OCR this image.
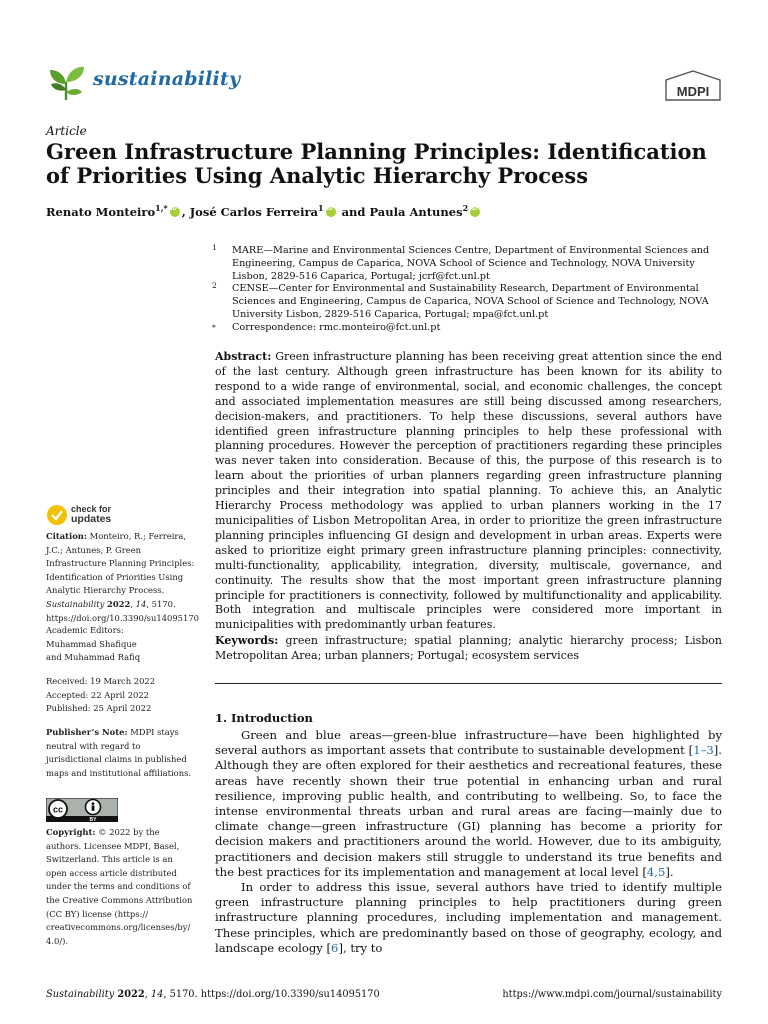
sustainability
MDPI
Article
Green Infrastructure Planning Principles: Identification of Priorities Using Analytic Hierarchy Process
Renato Monteiro$^{1,*}$ iD , José Carlos Ferreira$^1$ iD and Paula Antunes$^2$iD
1 MARE—Marine and Environmental Sciences Centre, Department of Environmental Sciences and Engineering, Campus de Caparica, NOVA School of Science and Technology, NOVA University Lisbon, 2829-516 Caparica, Portugal; jcrf@fct.unl.pt
2 CENSE—Center for Environmental and Sustainability Research, Department of Environmental Sciences and Engineering, Campus de Caparica, NOVA School of Science and Technology, NOVA University Lisbon, 2829-516 Caparica, Portugal; mpa@fct.unl.pt
* Correspondence: rmc.monteiro@fct.unl.pt
Abstract: Green infrastructure planning has been receiving great attention since the end of the last century. Although green infrastructure has been known for its ability to respond to a wide range of environmental, social, and economic challenges, the concept and associated implementation measures are still being discussed among researchers, decision-makers, and practitioners. To help these discussions, several authors have identified green infrastructure planning principles to help these professional with planning procedures. However the perception of practitioners regarding these principles was never taken into consideration. Because of this, the purpose of this research is to learn about the priorities of urban planners regarding green infrastructure planning principles and their integration into spatial planning. To achieve this, an Analytic Hierarchy Process methodology was applied to urban planners working in the 17 municipalities of Lisbon Metropolitan Area, in order to prioritize the green infrastructure planning principles influencing GI design and development in urban areas. Experts were asked to prioritize eight primary green infrastructure planning principles: connectivity, multi-functionality, applicability, integration, diversity, multiscale, governance, and continuity. The results show that the most important green infrastructure planning principle for practitioners is connectivity, followed by multifunctionality and applicability. Both integration and multiscale principles were considered more important in municipalities with predominantly urban features.
Keywords: green infrastructure; spatial planning; analytic hierarchy process; Lisbon Metropolitan Area; urban planners; Portugal; ecosystem services
1. Introduction

Green and blue areas—green-blue infrastructure—have been highlighted by several authors as important assets that contribute to sustainable development [1–3]. Although they are often explored for their aesthetics and recreational features, these areas have recently shown their true potential in enhancing urban and rural resilience, improving public health, and contributing to wellbeing. So, to face the intense environmental threats urban and rural areas are facing—mainly due to climate change—green infrastructure (GI) planning has become a priority for decision makers and practitioners around the world. However, due to its ambiguity, practitioners and decision makers still struggle to understand its true benefits and the best practices for its implementation and management at local level [4,5].

In order to address this issue, several authors have tried to identify multiple green infrastructure planning principles to help practitioners during green infrastructure planning procedures, including implementation and management. These principles, which are predominantly based on those of geography, ecology, and landscape ecology [6], try to

check for
updates
Citation: Monteiro, R.; Ferreira, J.C.; Antunes, P. Green Infrastructure Planning Principles: Identification of Priorities Using Analytic Hierarchy Process. Sustainability 2022, 14, 5170. https://doi.org/10.3390/su14095170
Academic Editors:
Muhammad Shafique
and Muhammad Rafiq
Received: 19 March 2022
Accepted: 22 April 2022
Published: 25 April 2022
Publisher’s Note: MDPI stays neutral with regard to jurisdictional claims in published maps and institutional affiliations.
cc
BY
Copyright: © 2022 by the authors. Licensee MDPI, Basel, Switzerland. This article is an open access article distributed under the terms and conditions of the Creative Commons Attribution (CC BY) license (https:// creativecommons.org/licenses/by/ 4.0/).
Sustainability 2022, 14, 5170. https://doi.org/10.3390/su14095170	https://www.mdpi.com/journal/sustainability
